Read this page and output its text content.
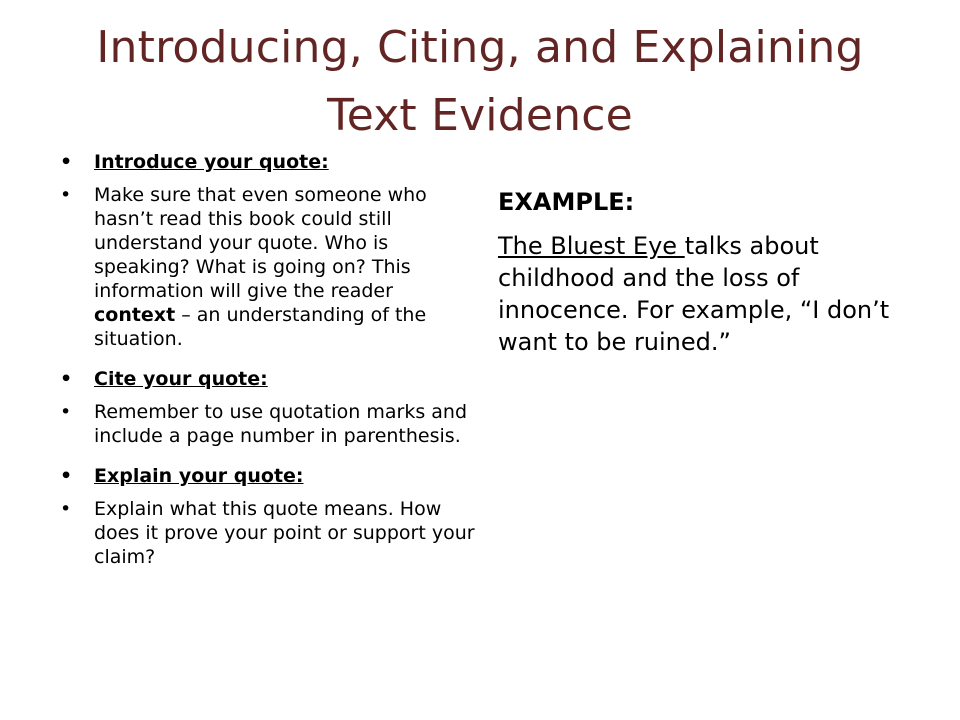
Introducing, Citing, and Explaining
Text Evidence
• Introduce your quote:
• Make sure that even someone who hasn’t read this book could still understand your quote. Who is speaking? What is going on? This information will give the reader context – an understanding of the situation.
• Cite your quote:
• Remember to use quotation marks and include a page number in parenthesis.
• Explain your quote:
• Explain what this quote means. How does it prove your point or support your claim?
EXAMPLE:
The Bluest Eye talks about childhood and the loss of innocence. For example, “I don’t want to be ruined.”
